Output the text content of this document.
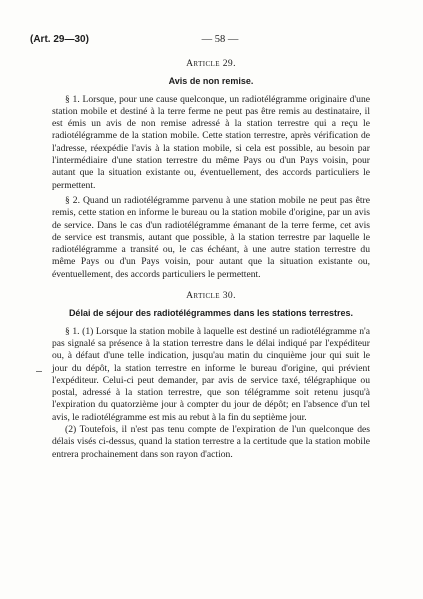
(Art. 29—30)	— 58 —
Article 29.
Avis de non remise.

§ 1. Lorsque, pour une cause quelconque, un radiotélégramme originaire d'une station mobile et destiné à la terre ferme ne peut pas être remis au destinataire, il est émis un avis de non remise adressé à la station terrestre qui a reçu le radiotélégramme de la station mobile. Cette station terrestre, après vérification de l'adresse, réexpédie l'avis à la station mobile, si cela est possible, au besoin par l'intermédiaire d'une station terrestre du même Pays ou d'un Pays voisin, pour autant que la situation existante ou, éventuellement, des accords particuliers le permettent.

§ 2. Quand un radiotélégramme parvenu à une station mobile ne peut pas être remis, cette station en informe le bureau ou la station mobile d'origine, par un avis de service. Dans le cas d'un radiotélégramme émanant de la terre ferme, cet avis de service est transmis, autant que possible, à la station terrestre par laquelle le radiotélégramme a transité ou, le cas échéant, à une autre station terrestre du même Pays ou d'un Pays voisin, pour autant que la situation existante ou, éventuellement, des accords particuliers le permettent.

Article 30.
Délai de séjour des radiotélégrammes dans les stations terrestres.

§ 1. (1) Lorsque la station mobile à laquelle est destiné un radiotélégramme n'a pas signalé sa présence à la station terrestre dans le délai indiqué par l'expéditeur ou, à défaut d'une telle indication, jusqu'au matin du cinquième jour qui suit le jour du dépôt, la station terrestre en informe le bureau d'origine, qui prévient l'expéditeur. Celui-ci peut demander, par avis de service taxé, télégraphique ou postal, adressé à la station terrestre, que son télégramme soit retenu jusqu'à l'expiration du quatorzième jour à compter du jour de dépôt; en l'absence d'un tel avis, le radiotélégramme est mis au rebut à la fin du septième jour.

(2) Toutefois, il n'est pas tenu compte de l'expiration de l'un quelconque des délais visés ci-dessus, quand la station terrestre a la certitude que la station mobile entrera prochainement dans son rayon d'action.
